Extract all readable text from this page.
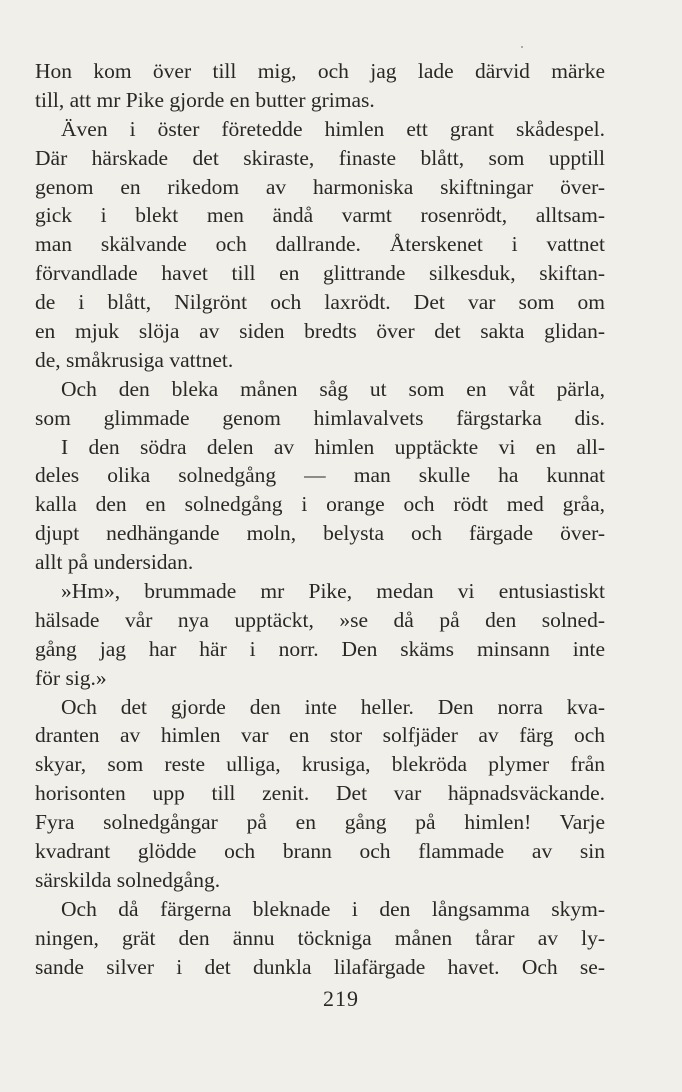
Hon kom över till mig, och jag lade därvid märke
till, att mr Pike gjorde en butter grimas.
Även i öster företedde himlen ett grant skådespel.
Där härskade det skiraste, finaste blått, som upptill
genom en rikedom av harmoniska skiftningar över-
gick i blekt men ändå varmt rosenrödt, alltsam-
man skälvande och dallrande. Återskenet i vattnet
förvandlade havet till en glittrande silkesduk, skiftan-
de i blått, Nilgrönt och laxrödt. Det var som om
en mjuk slöja av siden bredts över det sakta glidan-
de, småkrusiga vattnet.
Och den bleka månen såg ut som en våt pärla,
som glimmade genom himlavalvets färgstarka dis.
I den södra delen av himlen upptäckte vi en all-
deles olika solnedgång — man skulle ha kunnat
kalla den en solnedgång i orange och rödt med gråa,
djupt nedhängande moln, belysta och färgade över-
allt på undersidan.
»Hm», brummade mr Pike, medan vi entusiastiskt
hälsade vår nya upptäckt, »se då på den solned-
gång jag har här i norr. Den skäms minsann inte
för sig.»
Och det gjorde den inte heller. Den norra kva-
dranten av himlen var en stor solfjäder av färg och
skyar, som reste ulliga, krusiga, blekröda plymer från
horisonten upp till zenit. Det var häpnadsväckande.
Fyra solnedgångar på en gång på himlen! Varje
kvadrant glödde och brann och flammade av sin
särskilda solnedgång.
Och då färgerna bleknade i den långsamma skym-
ningen, grät den ännu töckniga månen tårar av ly-
sande silver i det dunkla lilafärgade havet. Och se-
219
